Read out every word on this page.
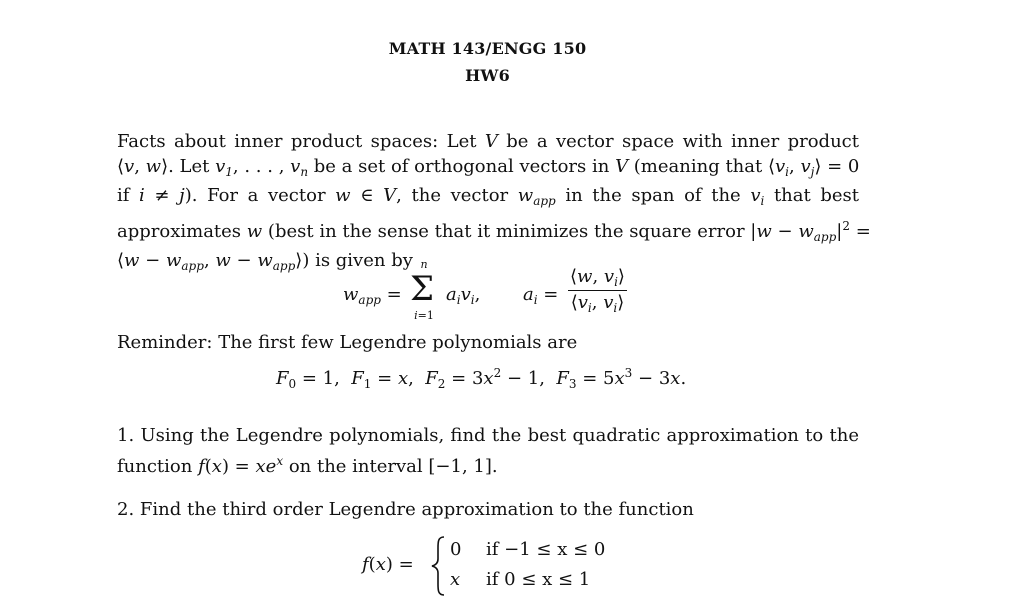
MATH 143/ENGG 150
HW6
Facts about inner product spaces: Let V be a vector space with inner product
⟨v, w⟩. Let $v_1$, . . . , $v_n$ be a set of orthogonal vectors in V (meaning that $⟨v_i$, $v_j⟩ = 0$
if i ≠ j). For a vector w ∈ V, the vector $w_{app}$ in the span of the $v_i$ that best
approximates w (best in the sense that it minimizes the square error $|w - w_{app}|^2$ =
⟨w − $w_{app}$, $w - w_{app}⟩$) is given by
$w_{app}$ =
n
Σ
i=1
$a_iv_i$, $a_i = \frac{⟨w, v_i⟩}{⟨v_i, v_i⟩}$
Reminder: The first few Legendre polynomials are
$F_0 = 1$,  $F_1 = x$,  $F_2 = 3x^2 - 1$,  $F_3 = 5x^3 - 3x$.
1. Using the Legendre polynomials, find the best quadratic approximation to the
function $f(x) = xe^x$ on the interval [−1, 1].
2. Find the third order Legendre approximation to the function
f(x) =
0 if −1 ≤ x ≤ 0
x if 0 ≤ x ≤ 1
